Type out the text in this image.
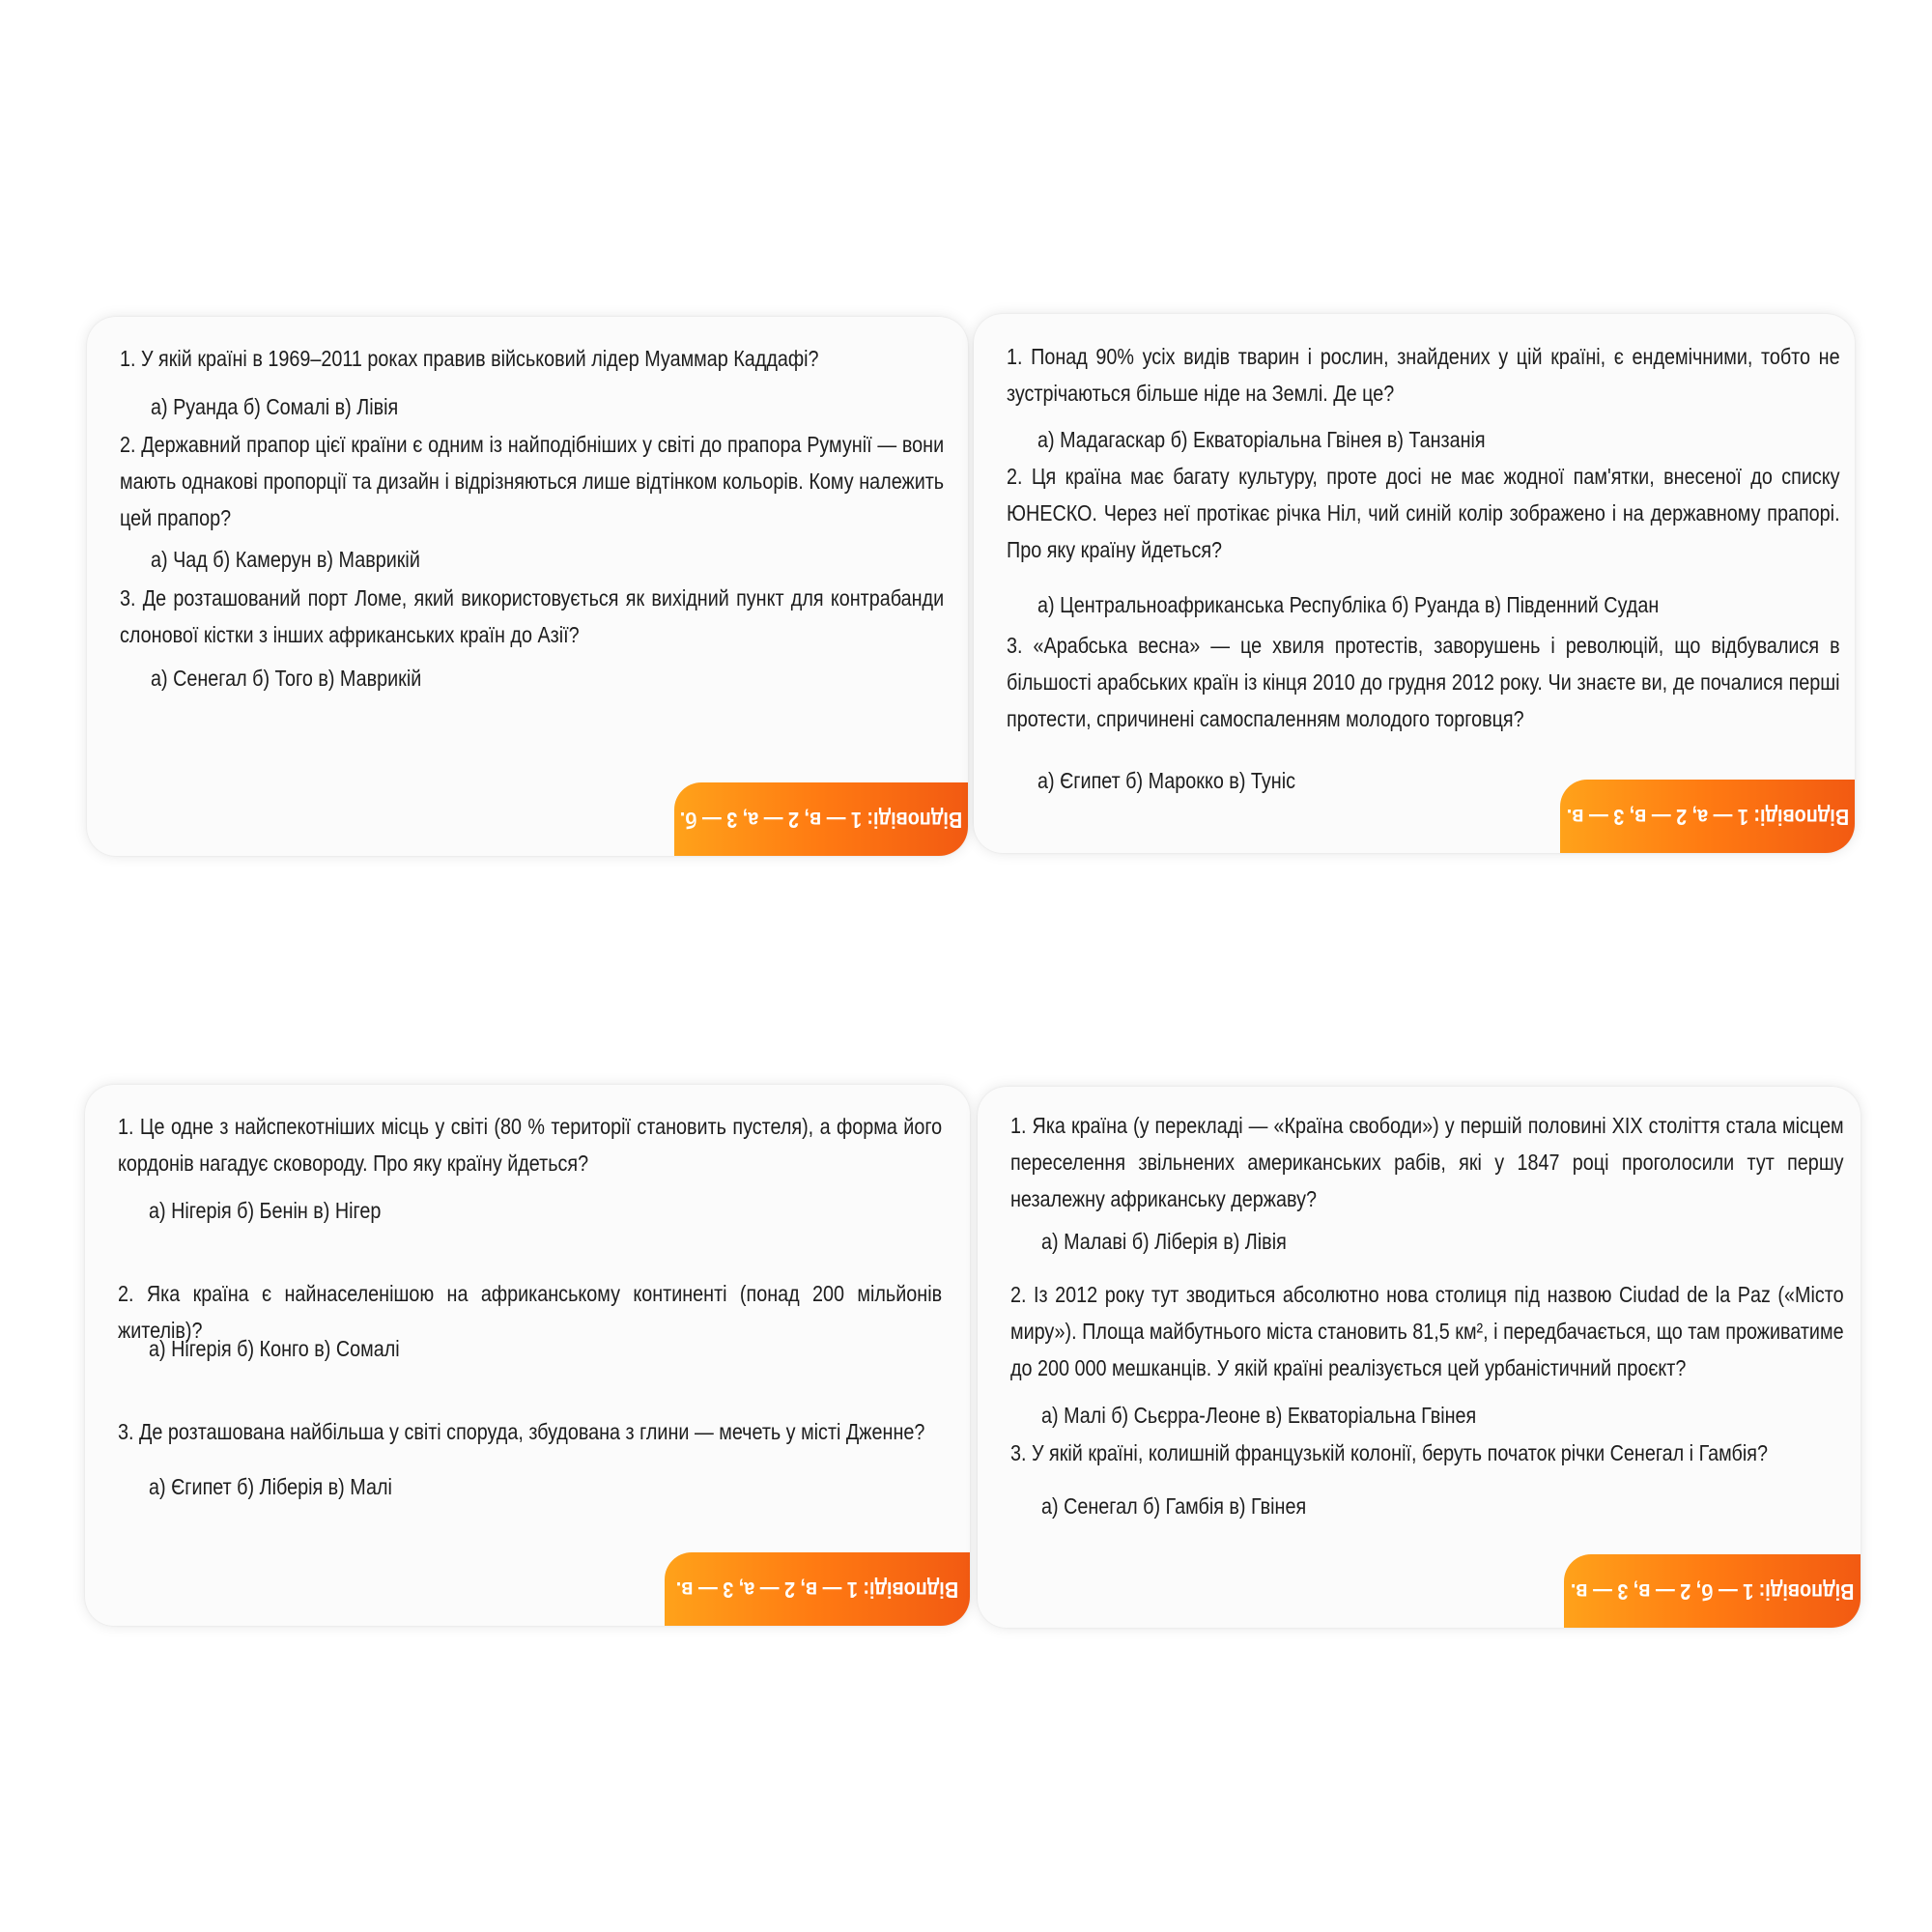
1. У якій країні в 1969–2011 роках правив військовий лідер Муаммар Каддафі?

а) Руанда б) Сомалі в) Лівія

2. Державний прапор цієї країни є одним із найподібніших у світі до прапора Румунії — вони мають однакові пропорції та дизайн і відрізняються лише відтінком кольорів. Кому належить цей прапор?

а) Чад б) Камерун в) Маврикій

3. Де розташований порт Ломе, який використовується як вихідний пункт для контрабанди слонової кістки з інших африканських країн до Азії?

а) Сенегал б) Того в) Маврикій

Відповіді: 1 — в, 2 — а, 3 — б.

1. Понад 90% усіх видів тварин і рослин, знайдених у цій країні, є ендемічними, тобто не зустрічаються більше ніде на Землі. Де це?

а) Мадагаскар б) Екваторіальна Гвінея в) Танзанія

2. Ця країна має багату культуру, проте досі не має жодної пам'ятки, внесеної до списку ЮНЕСКО. Через неї протікає річка Ніл, чий синій колір зображено і на державному прапорі. Про яку країну йдеться?

а) Центральноафриканська Республіка б) Руанда в) Південний Судан

3. «Арабська весна» — це хвиля протестів, заворушень і революцій, що відбувалися в більшості арабських країн із кінця 2010 до грудня 2012 року. Чи знаєте ви, де почалися перші протести, спричинені самоспаленням молодого торговця?

а) Єгипет б) Марокко в) Туніс

Відповіді: 1 — а, 2 — в, 3 — в.

1. Це одне з найспекотніших місць у світі (80 % території становить пустеля), а форма його кордонів нагадує сковороду. Про яку країну йдеться?

а) Нігерія б) Бенін в) Нігер

2. Яка країна є найнаселенішою на африканському континенті (понад 200 мільйонів жителів)?

а) Нігерія б) Конго в) Сомалі

3. Де розташована найбільша у світі споруда, збудована з глини — мечеть у місті Дженне?

а) Єгипет б) Ліберія в) Малі

Відповіді: 1 — в, 2 — а, 3 — в.

1. Яка країна (у перекладі — «Країна свободи») у першій половині XIX століття стала місцем переселення звільнених американських рабів, які у 1847 році проголосили тут першу незалежну африканську державу?

а) Малаві б) Ліберія в) Лівія

2. Із 2012 року тут зводиться абсолютно нова столиця під назвою Ciudad de la Paz («Місто миру»). Площа майбутнього міста становить 81,5 км², і передбачається, що там проживатиме до 200 000 мешканців. У якій країні реалізується цей урбаністичний проєкт?

а) Малі б) Сьєрра-Леоне в) Екваторіальна Гвінея

3. У якій країні, колишній французькій колонії, беруть початок річки Сенегал і Гамбія?

а) Сенегал б) Гамбія в) Гвінея

Відповіді: 1 — б, 2 — в, 3 — в.
